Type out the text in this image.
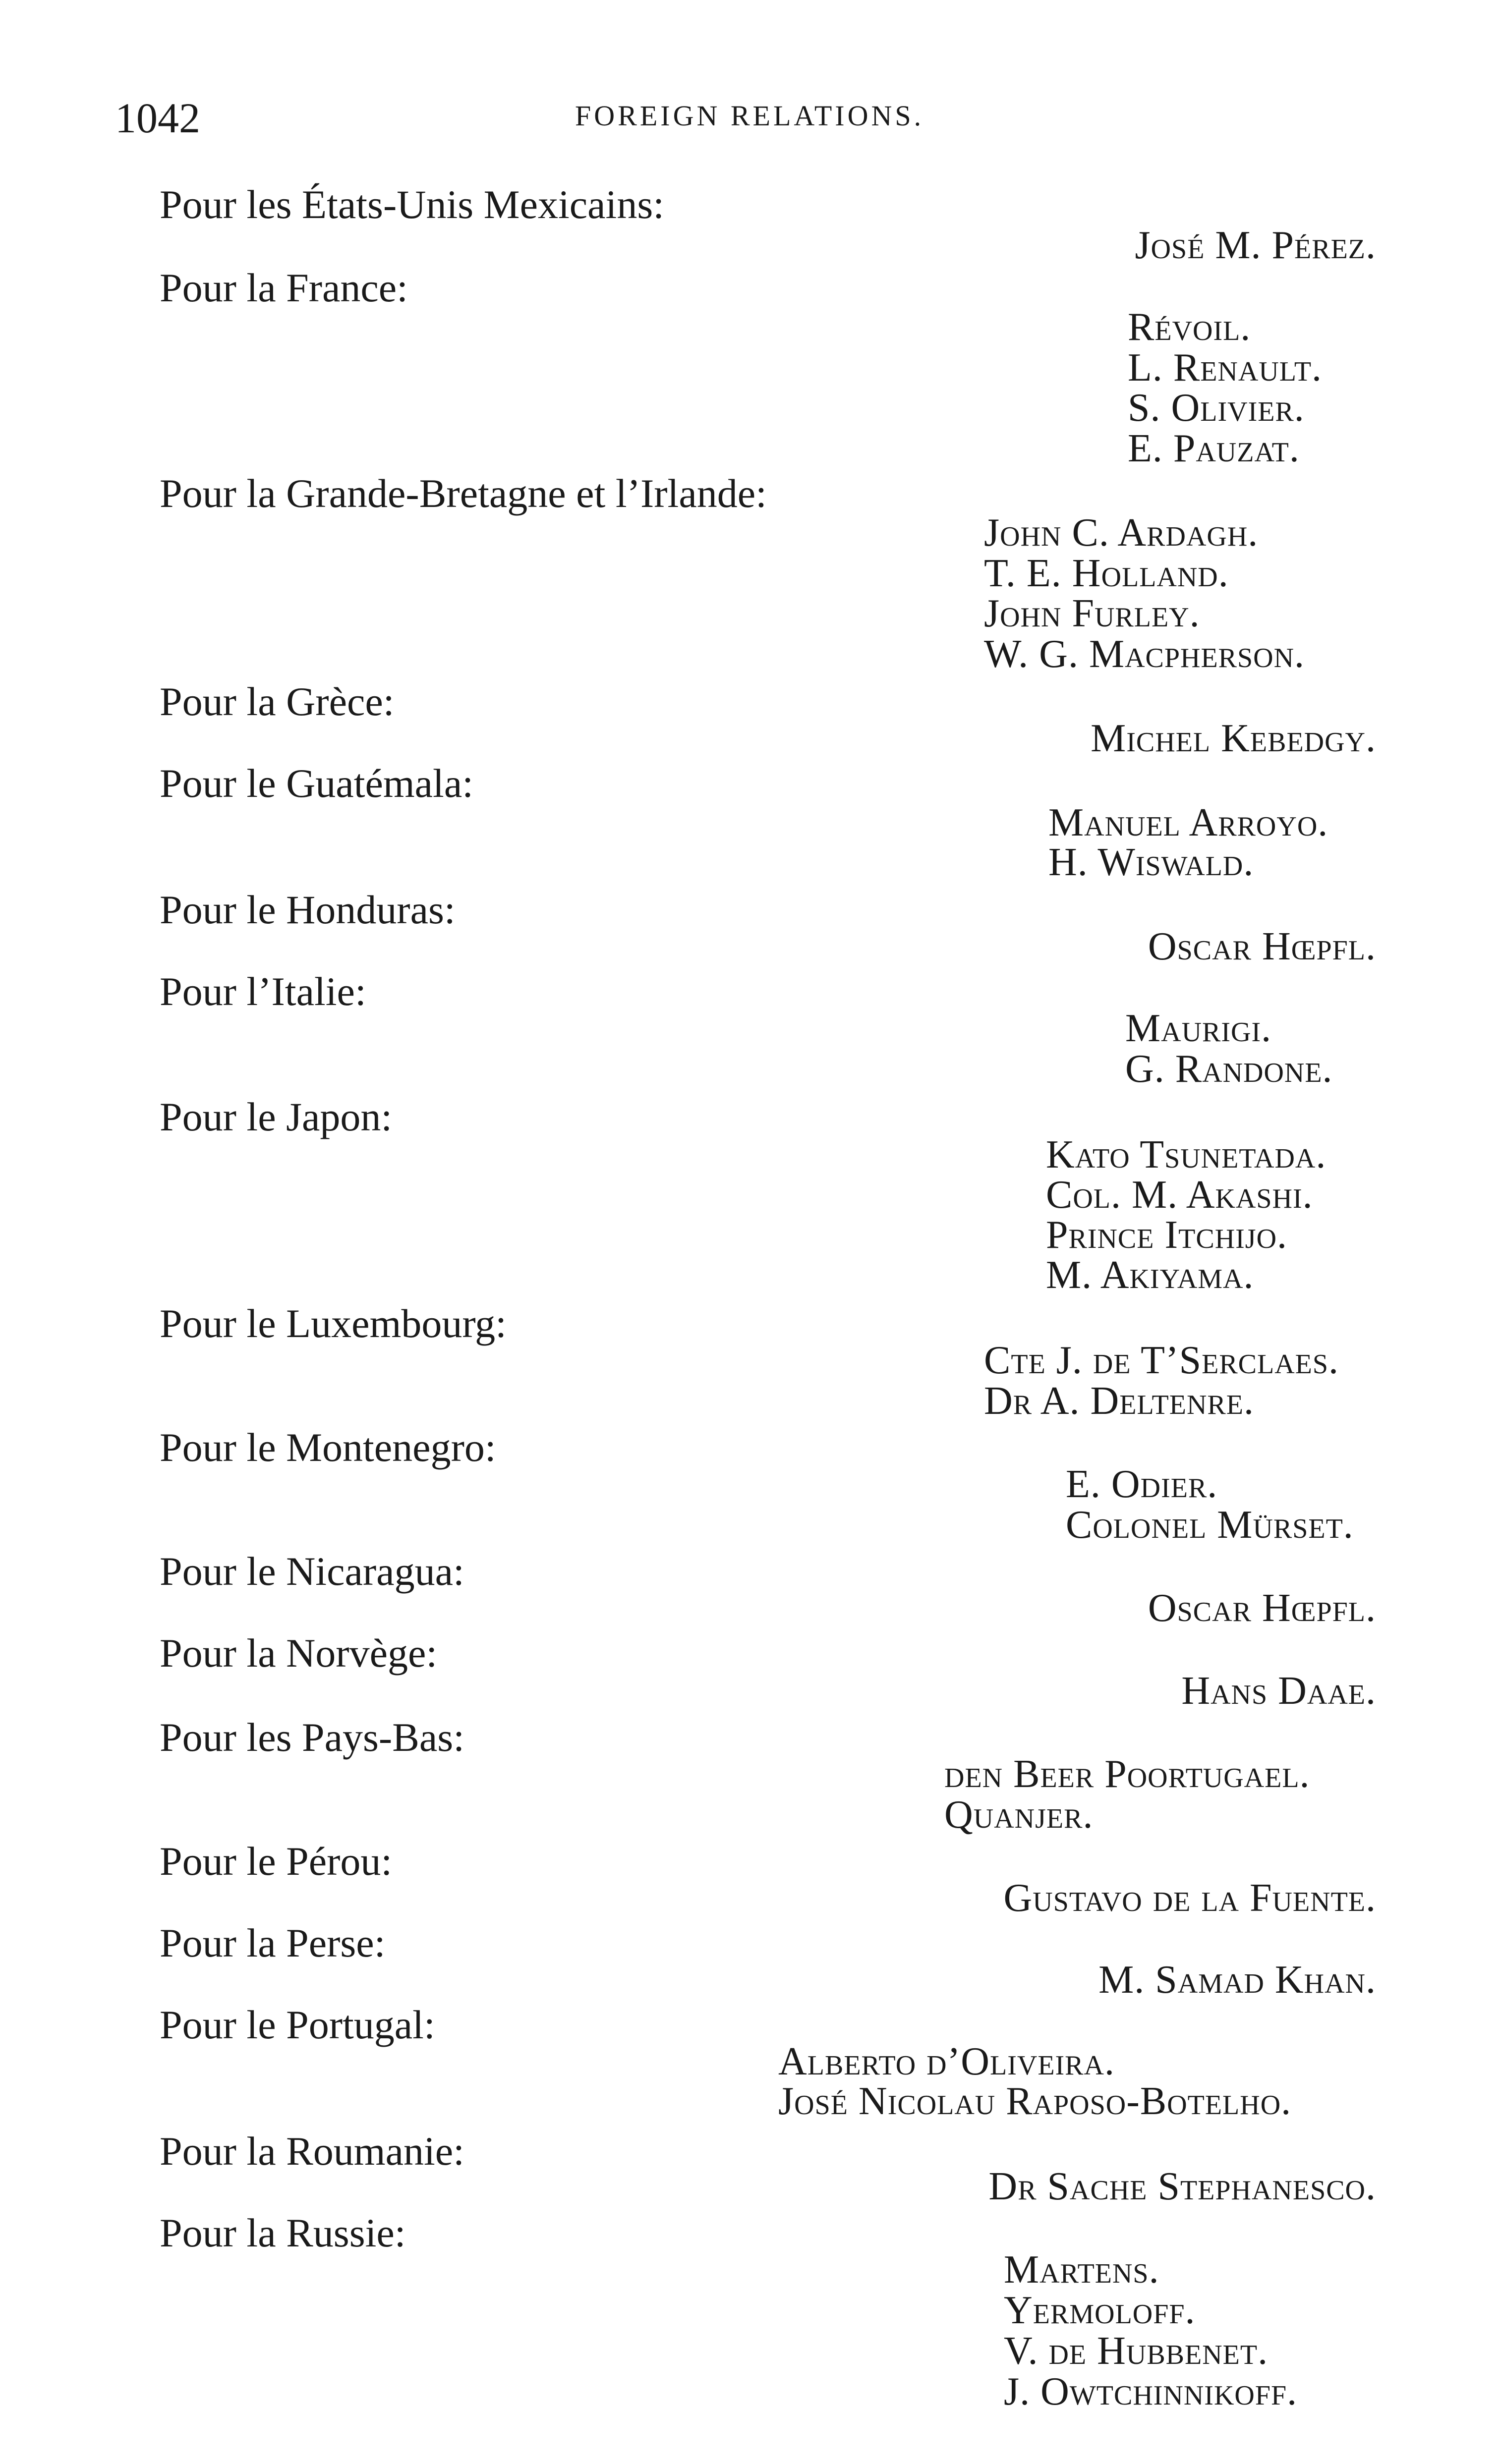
1042	FOREIGN RELATIONS.
Pour les États-Unis Mexicains:
Pour la France:
Pour la Grande-Bretagne et l’Irlande:
Pour la Grèce:
Pour le Guatémala:
Pour le Honduras:
Pour l’Italie:
Pour le Japon:
Pour le Luxembourg:
Pour le Montenegro:
Pour le Nicaragua:
Pour la Norvège:
Pour les Pays-Bas:
Pour le Pérou:
Pour la Perse:
Pour le Portugal:
Pour la Roumanie:
Pour la Russie:
José M. Pérez.
Révoil.
L. Renault.
S. Olivier.
E. Pauzat.
John C. Ardagh.
T. E. Holland.
John Furley.
W. G. Macpherson.
Michel Kebedgy.
Manuel Arroyo.
H. Wiswald.
Oscar Hœpfl.
Maurigi.
G. Randone.
Kato Tsunetada.
Col. M. Akashi.
Prince Itchijo.
M. Akiyama.
Cte J. de T’Serclaes.
Dr A. Deltenre.
E. Odier.
Colonel Mürset.
Oscar Hœpfl.
Hans Daae.
den Beer Poortugael.
Quanjer.
Gustavo de la Fuente.
M. Samad Khan.
Alberto d’Oliveira.
José Nicolau Raposo-Botelho.
Dr Sache Stephanesco.
Martens.
Yermoloff.
V. de Hubbenet.
J. Owtchinnikoff.
